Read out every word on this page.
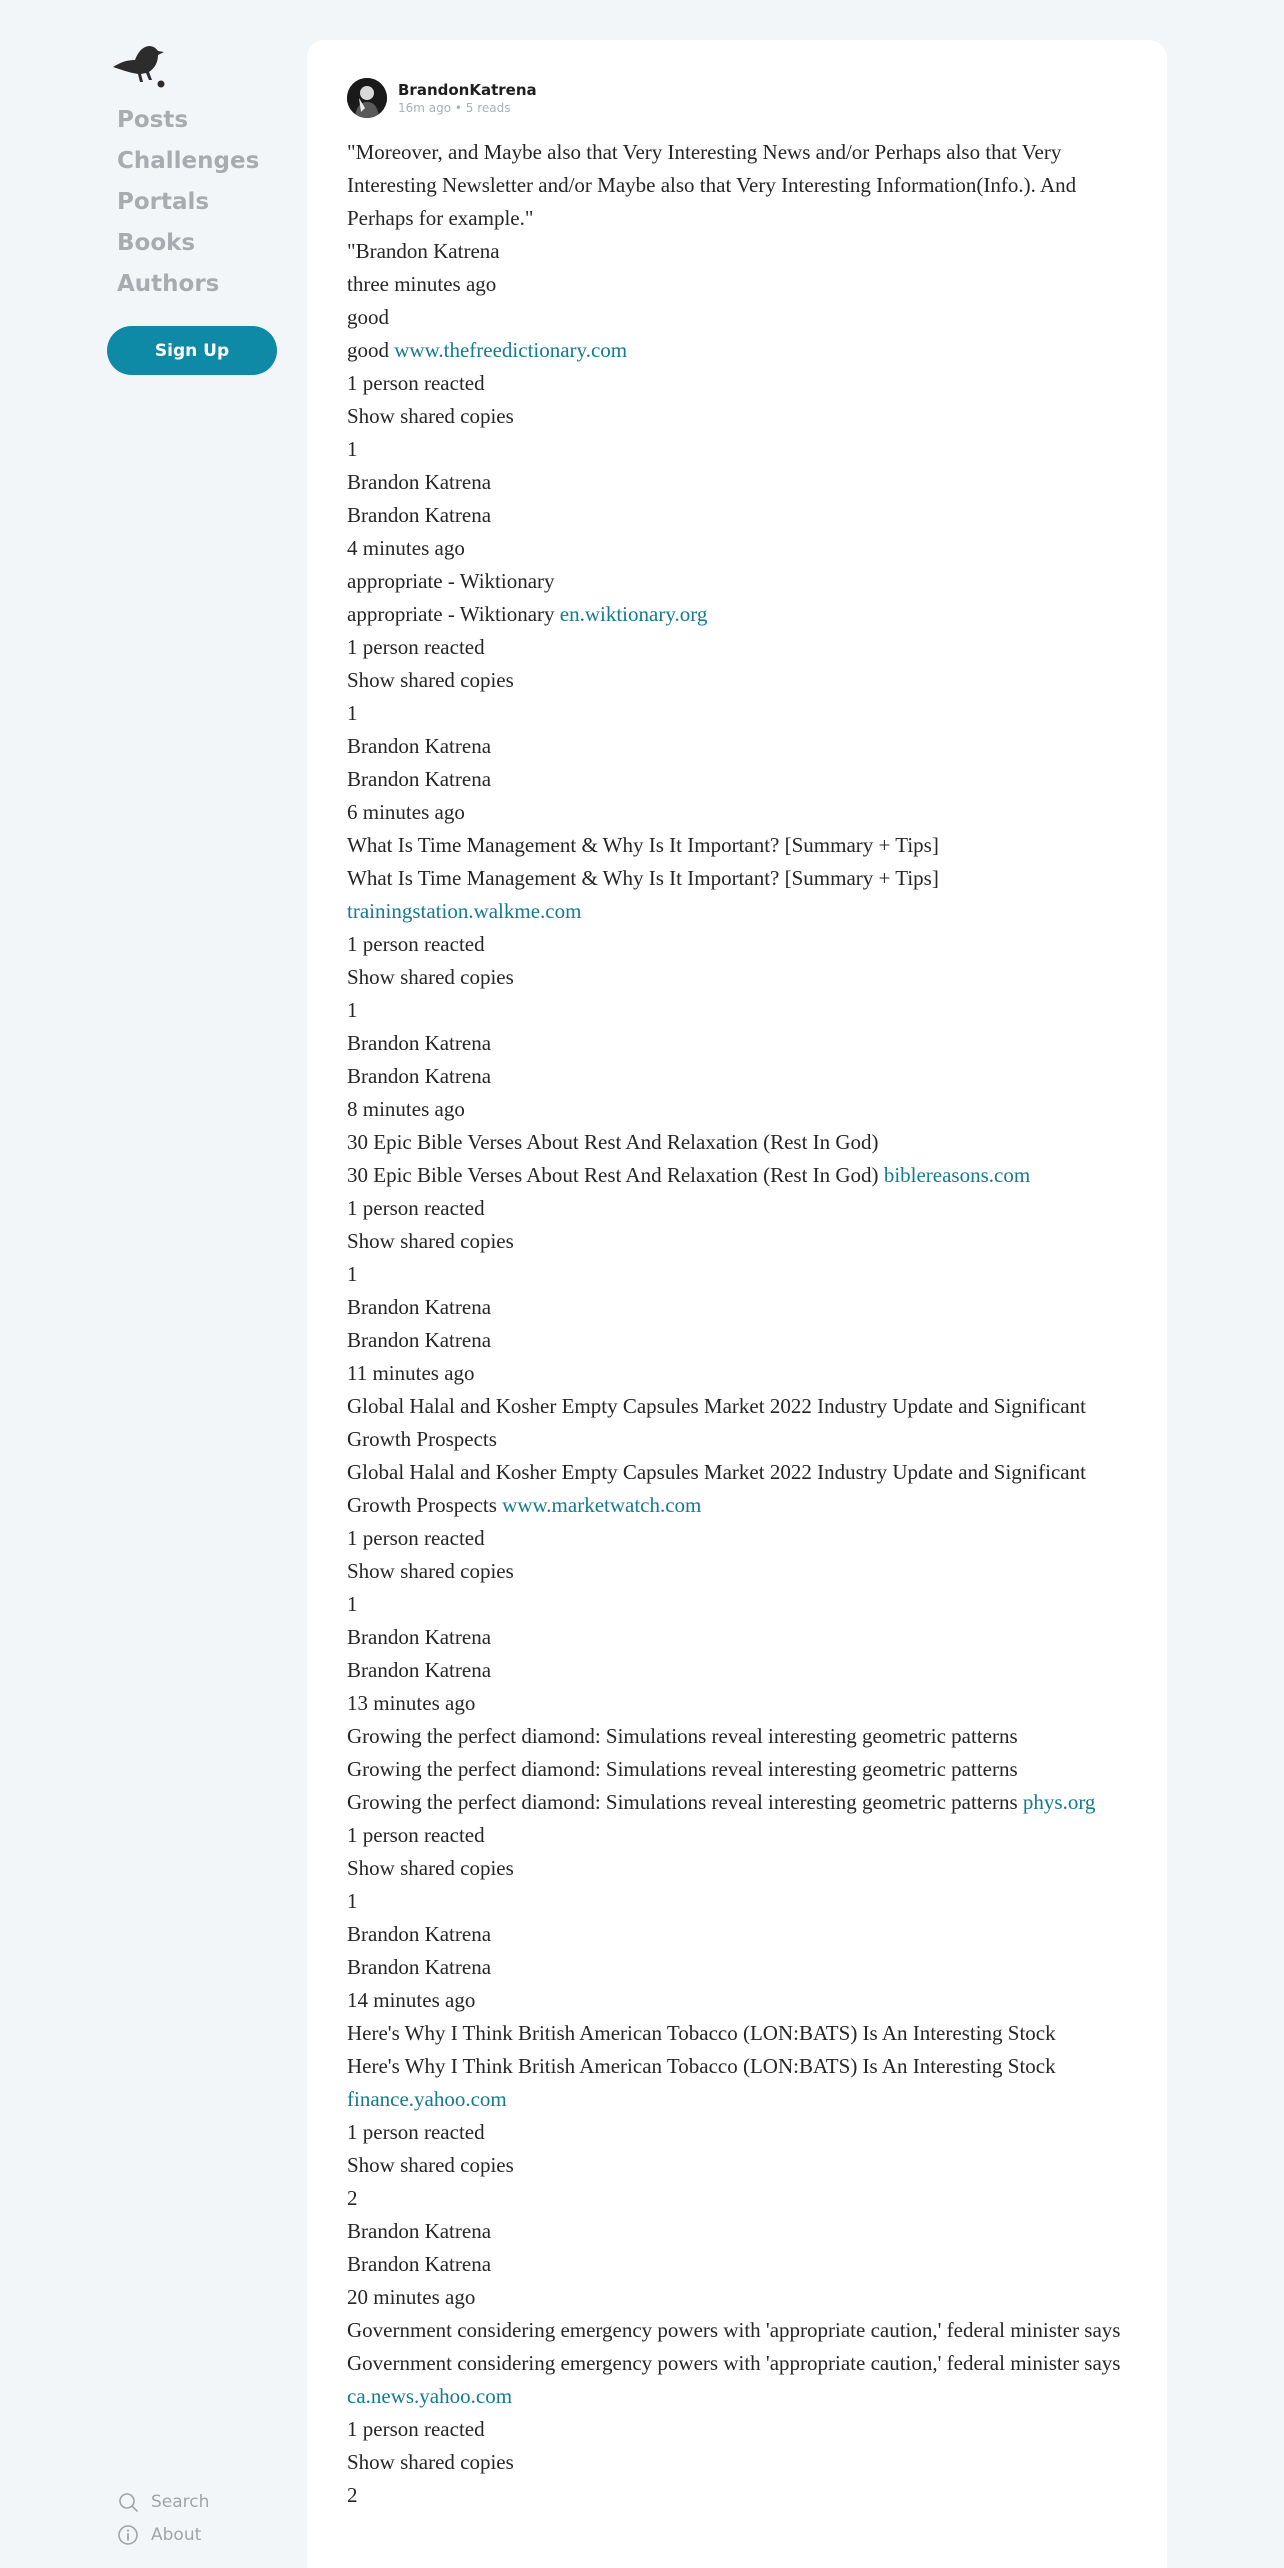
Posts
Challenges
Portals
Books
Authors
Sign Up
Search
About
BrandonKatrena
16m ago • 5 reads
"Moreover, and Maybe also that Very Interesting News and/or Perhaps also that Very Interesting Newsletter and/or Maybe also that Very Interesting Information(Info.). And Perhaps for example."
"Brandon Katrena
three minutes ago
good
good www.thefreedictionary.com
1 person reacted
Show shared copies
1
Brandon Katrena
Brandon Katrena
4 minutes ago
appropriate - Wiktionary
appropriate - Wiktionary en.wiktionary.org
1 person reacted
Show shared copies
1
Brandon Katrena
Brandon Katrena
6 minutes ago
What Is Time Management & Why Is It Important? [Summary + Tips]
What Is Time Management & Why Is It Important? [Summary + Tips] trainingstation.walkme.com
1 person reacted
Show shared copies
1
Brandon Katrena
Brandon Katrena
8 minutes ago
30 Epic Bible Verses About Rest And Relaxation (Rest In God)
30 Epic Bible Verses About Rest And Relaxation (Rest In God) biblereasons.com
1 person reacted
Show shared copies
1
Brandon Katrena
Brandon Katrena
11 minutes ago
Global Halal and Kosher Empty Capsules Market 2022 Industry Update and Significant Growth Prospects
Global Halal and Kosher Empty Capsules Market 2022 Industry Update and Significant Growth Prospects www.marketwatch.com
1 person reacted
Show shared copies
1
Brandon Katrena
Brandon Katrena
13 minutes ago
Growing the perfect diamond: Simulations reveal interesting geometric patterns
Growing the perfect diamond: Simulations reveal interesting geometric patterns
Growing the perfect diamond: Simulations reveal interesting geometric patterns phys.org
1 person reacted
Show shared copies
1
Brandon Katrena
Brandon Katrena
14 minutes ago
Here's Why I Think British American Tobacco (LON:BATS) Is An Interesting Stock
Here's Why I Think British American Tobacco (LON:BATS) Is An Interesting Stock finance.yahoo.com
1 person reacted
Show shared copies
2
Brandon Katrena
Brandon Katrena
20 minutes ago
Government considering emergency powers with 'appropriate caution,' federal minister says
Government considering emergency powers with 'appropriate caution,' federal minister says ca.news.yahoo.com
1 person reacted
Show shared copies
2
